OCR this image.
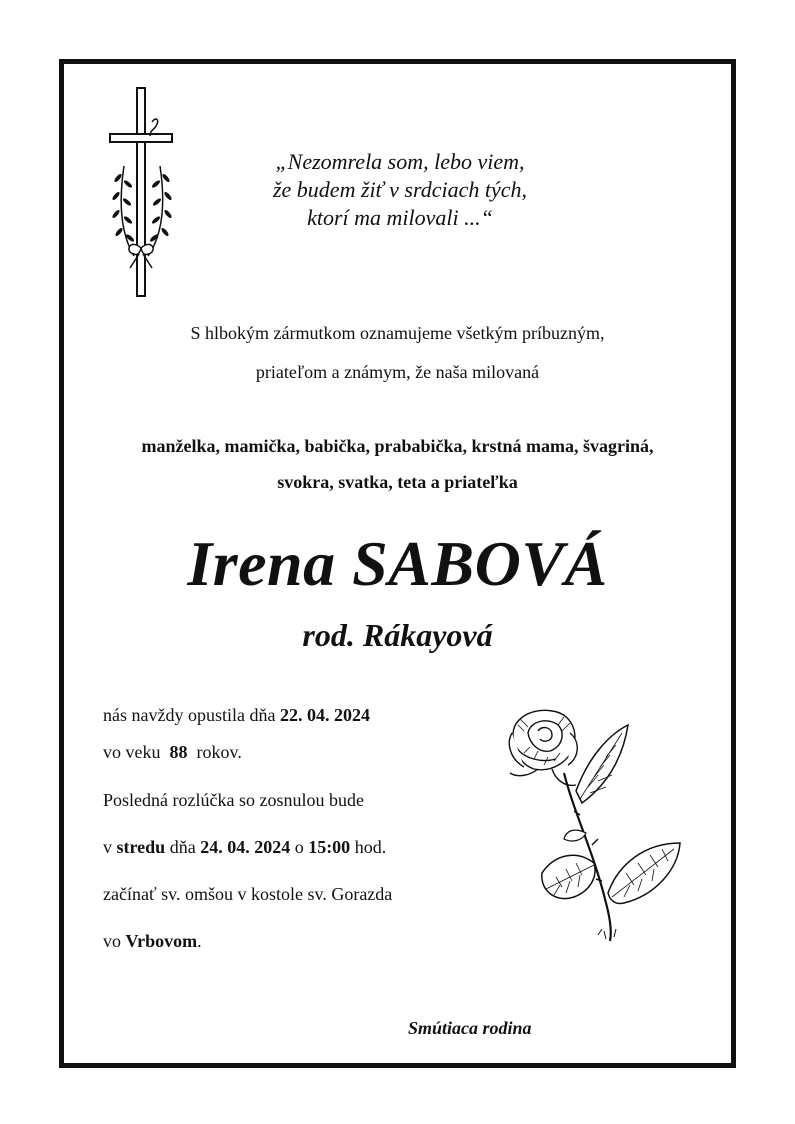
„Nezomrela som, lebo viem,
že budem žiť v srdciach tých,
ktorí ma milovali ...“
S hlbokým zármutkom oznamujeme všetkým príbuzným,
priateľom a známym, že naša milovaná
manželka, mamička, babička, prababička, krstná mama, švagriná,
svokra, svatka, teta a priateľka
Irena SABOVÁ
rod. Rákayová
nás navždy opustila dňa 22. 04. 2024
vo veku  88  rokov.
Posledná rozlúčka so zosnulou bude
v stredu dňa 24. 04. 2024 o 15:00 hod.
začínať sv. omšou v kostole sv. Gorazda
vo Vrbovom.
Smútiaca rodina
